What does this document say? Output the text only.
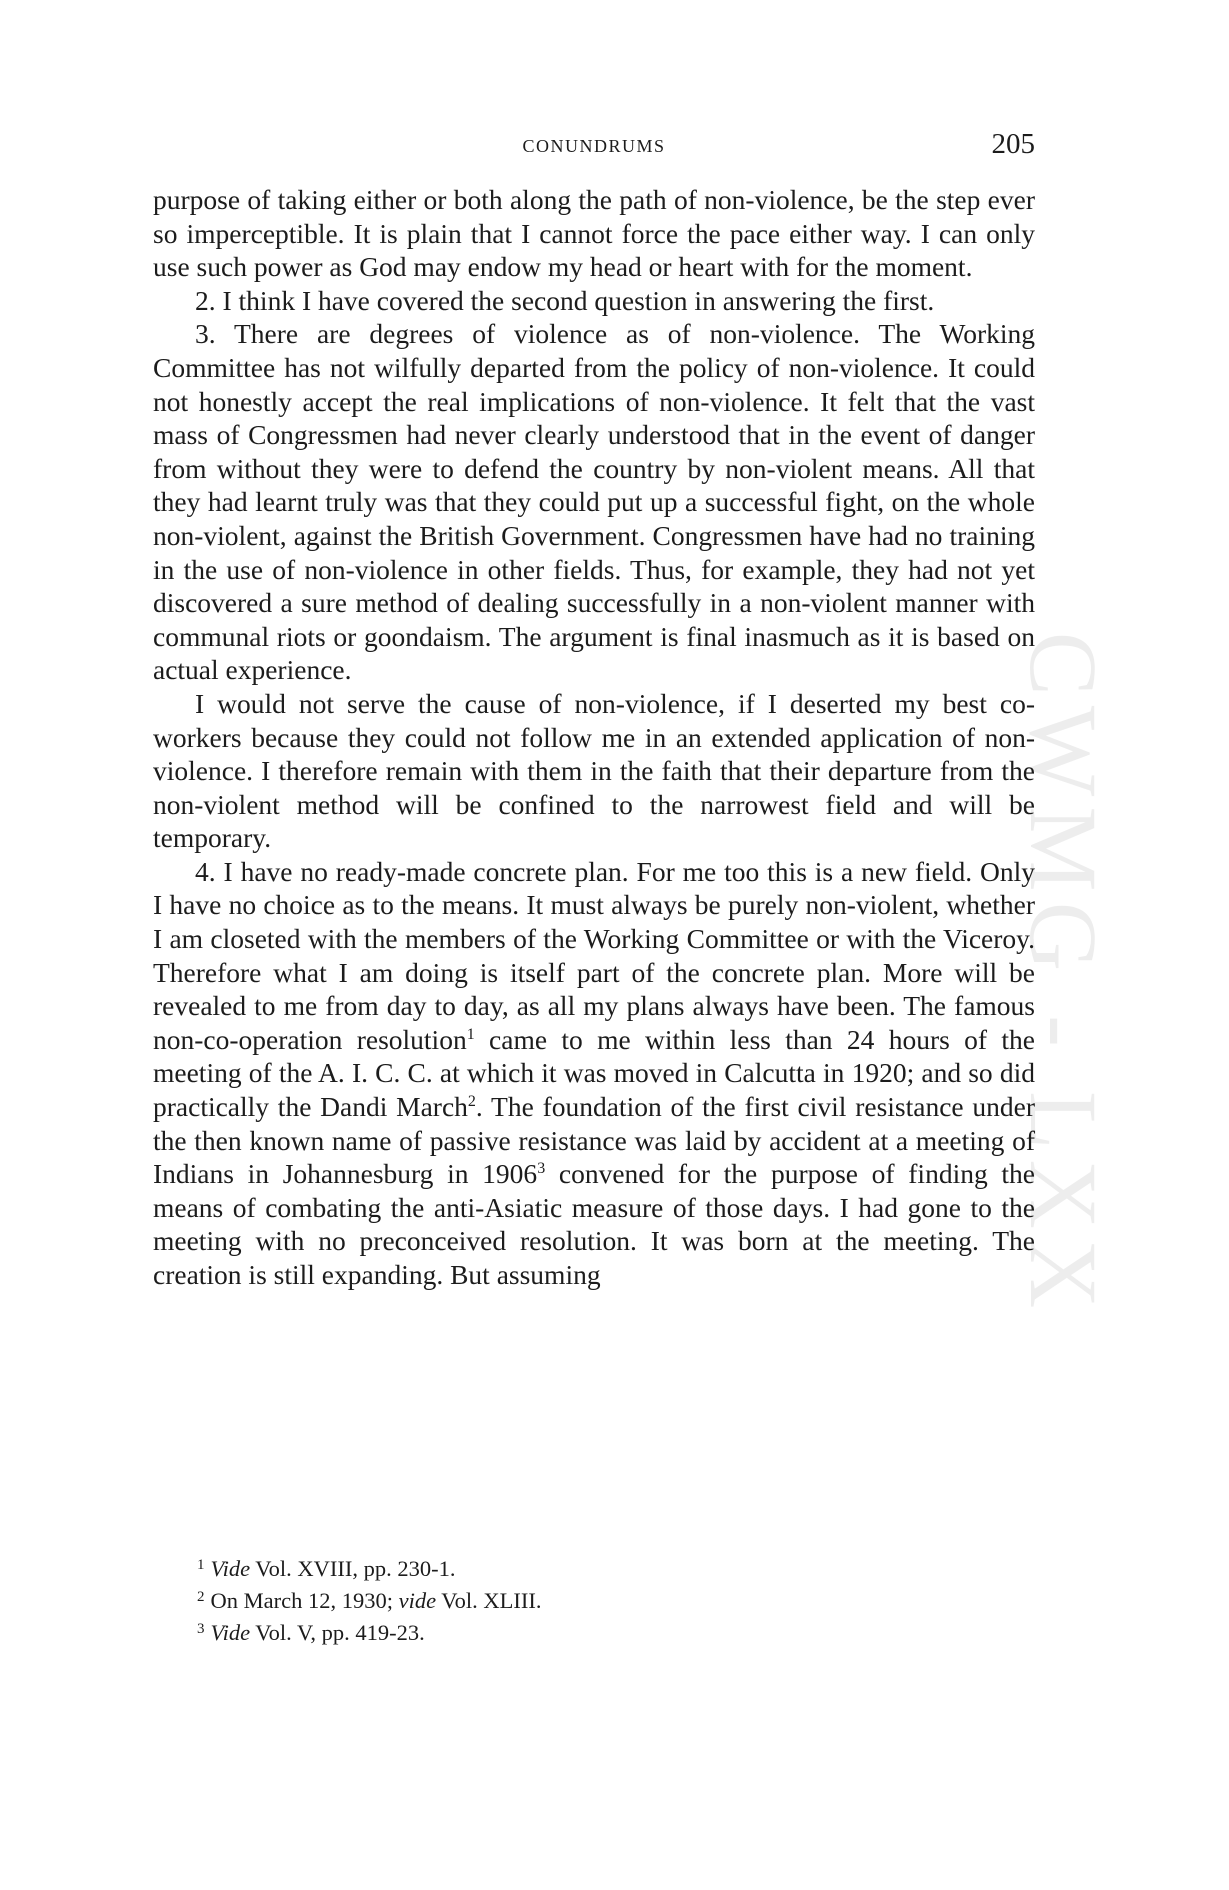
CONUNDRUMS	205
CWMG - LXX

purpose of taking either or both along the path of non-violence, be the step ever so imperceptible. It is plain that I cannot force the pace either way. I can only use such power as God may endow my head or heart with for the moment.

2. I think I have covered the second question in answering the first.

3. There are degrees of violence as of non-violence. The Working Committee has not wilfully departed from the policy of non-violence. It could not honestly accept the real implications of non-violence. It felt that the vast mass of Congressmen had never clearly understood that in the event of danger from without they were to defend the country by non-violent means. All that they had learnt truly was that they could put up a successful fight, on the whole non-violent, against the British Government. Congressmen have had no training in the use of non-violence in other fields. Thus, for example, they had not yet discovered a sure method of dealing successfully in a non-violent manner with communal riots or goondaism. The argument is final inasmuch as it is based on actual experience.

I would not serve the cause of non-violence, if I deserted my best co-workers because they could not follow me in an extended application of non-violence. I therefore remain with them in the faith that their departure from the non-violent method will be confined to the narrowest field and will be temporary.

4. I have no ready-made concrete plan. For me too this is a new field. Only I have no choice as to the means. It must always be purely non-violent, whether I am closeted with the members of the Working Committee or with the Viceroy. Therefore what I am doing is itself part of the concrete plan. More will be revealed to me from day to day, as all my plans always have been. The famous non-co-operation resolution$^1$ came to me within less than 24 hours of the meeting of the A. I. C. C. at which it was moved in Calcutta in 1920; and so did practically the Dandi March$^2$. The foundation of the first civil resistance under the then known name of passive resistance was laid by accident at a meeting of Indians in Johannesburg in 1906$^3$ convened for the purpose of finding the means of combating the anti-Asiatic measure of those days. I had gone to the meeting with no preconceived resolution. It was born at the meeting. The creation is still expanding. But assuming

$^1$ Vide Vol. XVIII, pp. 230-1.

$^2$ On March 12, 1930; vide Vol. XLIII.

$^3$ Vide Vol. V, pp. 419-23.
